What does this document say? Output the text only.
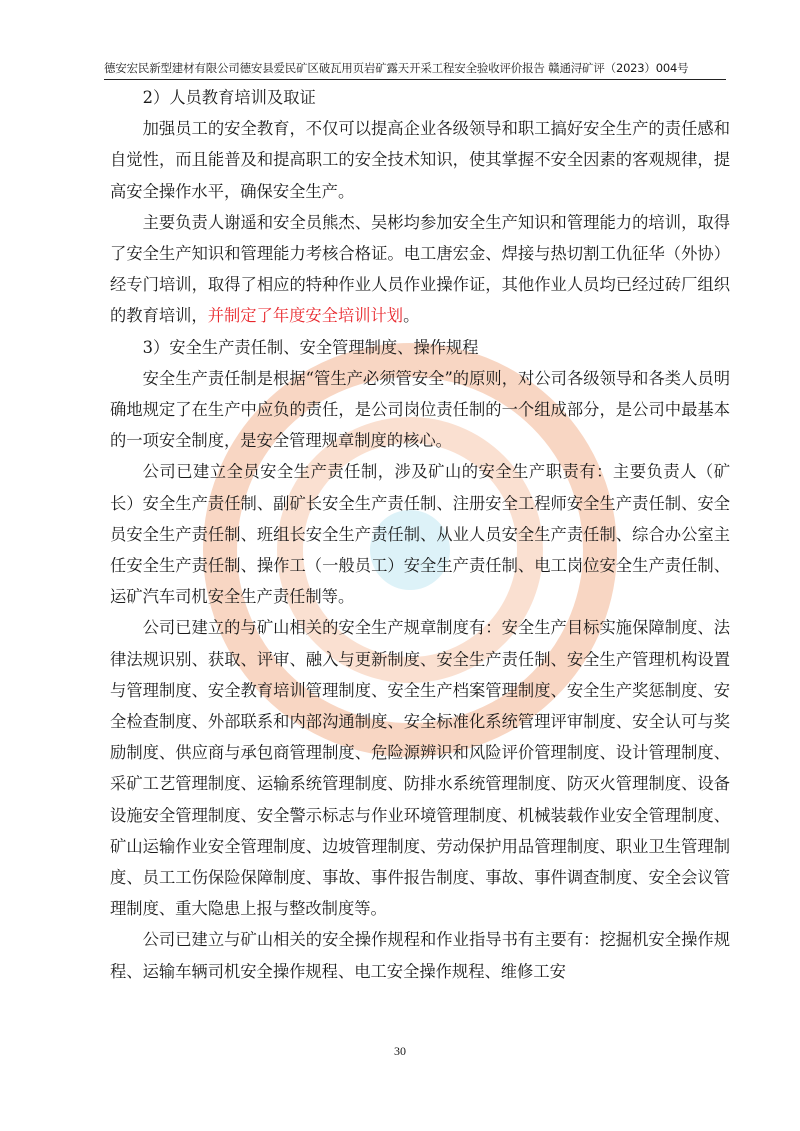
德安宏民新型建材有限公司德安县爱民矿区破瓦用页岩矿露天开采工程安全验收评价报告 赣通浔矿评（2023）004号

2）人员教育培训及取证

加强员工的安全教育，不仅可以提高企业各级领导和职工搞好安全生产的责任感和自觉性，而且能普及和提高职工的安全技术知识，使其掌握不安全因素的客观规律，提高安全操作水平，确保安全生产。

主要负责人谢遥和安全员熊杰、吴彬均参加安全生产知识和管理能力的培训，取得了安全生产知识和管理能力考核合格证。电工唐宏金、焊接与热切割工仇征华（外协）经专门培训，取得了相应的特种作业人员作业操作证，其他作业人员均已经过砖厂组织的教育培训，并制定了年度安全培训计划。

3）安全生产责任制、安全管理制度、操作规程

安全生产责任制是根据“管生产必须管安全”的原则，对公司各级领导和各类人员明确地规定了在生产中应负的责任，是公司岗位责任制的一个组成部分，是公司中最基本的一项安全制度，是安全管理规章制度的核心。

公司已建立全员安全生产责任制，涉及矿山的安全生产职责有：主要负责人（矿长）安全生产责任制、副矿长安全生产责任制、注册安全工程师安全生产责任制、安全员安全生产责任制、班组长安全生产责任制、从业人员安全生产责任制、综合办公室主任安全生产责任制、操作工（一般员工）安全生产责任制、电工岗位安全生产责任制、运矿汽车司机安全生产责任制等。

公司已建立的与矿山相关的安全生产规章制度有：安全生产目标实施保障制度、法律法规识别、获取、评审、融入与更新制度、安全生产责任制、安全生产管理机构设置与管理制度、安全教育培训管理制度、安全生产档案管理制度、安全生产奖惩制度、安全检查制度、外部联系和内部沟通制度、安全标准化系统管理评审制度、安全认可与奖励制度、供应商与承包商管理制度、危险源辨识和风险评价管理制度、设计管理制度、采矿工艺管理制度、运输系统管理制度、防排水系统管理制度、防灭火管理制度、设备设施安全管理制度、安全警示标志与作业环境管理制度、机械装载作业安全管理制度、矿山运输作业安全管理制度、边坡管理制度、劳动保护用品管理制度、职业卫生管理制度、员工工伤保险保障制度、事故、事件报告制度、事故、事件调查制度、安全会议管理制度、重大隐患上报与整改制度等。

公司已建立与矿山相关的安全操作规程和作业指导书有主要有：挖掘机安全操作规程、运输车辆司机安全操作规程、电工安全操作规程、维修工安

30
